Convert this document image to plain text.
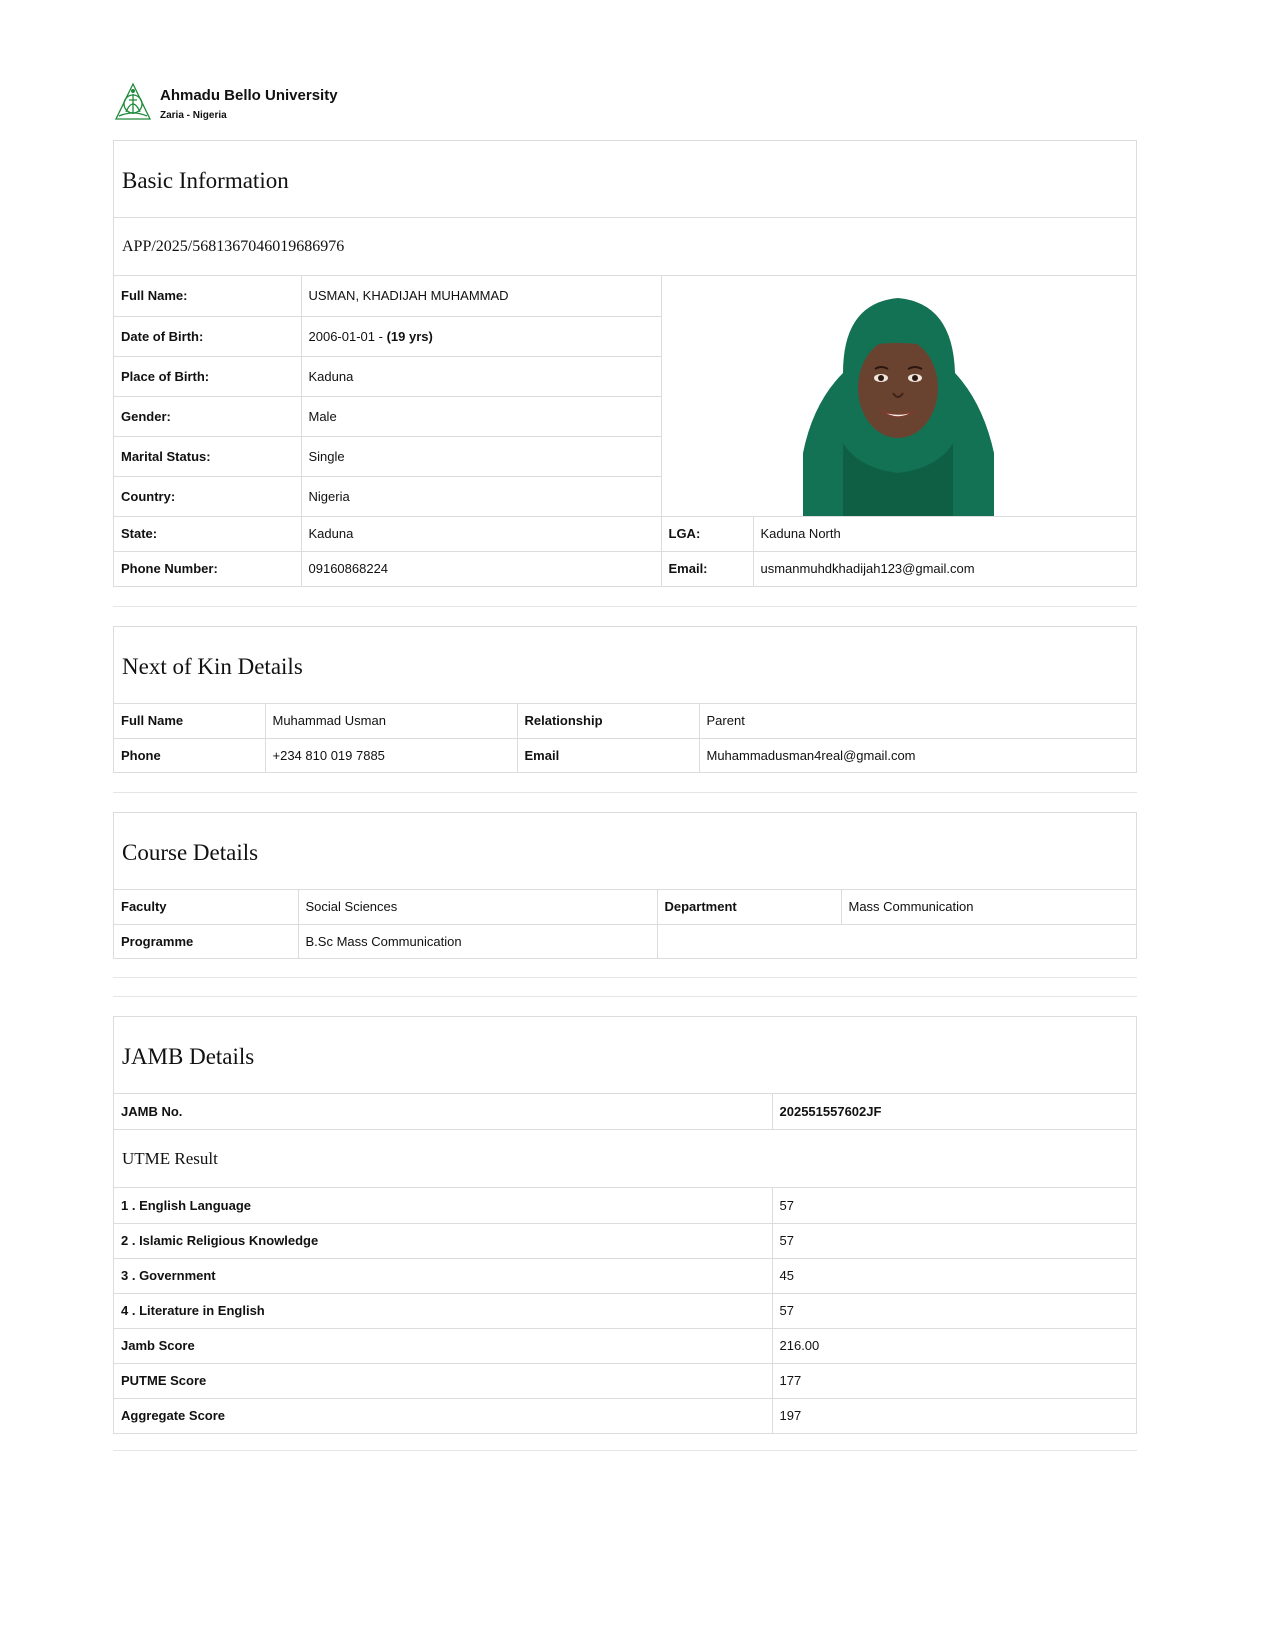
Ahmadu Bello University
Zaria - Nigeria
Basic Information
APP/2025/5681367046019686976
Full Name:	USMAN, KHADIJAH MUHAMMAD	

Date of Birth:	2006-01-01 - (19 yrs)		
Place of Birth:	Kaduna		
Gender:	Male		
Marital Status:	Single		
Country:	Nigeria		
State:	Kaduna	LGA:	Kaduna North
Phone Number:	09160868224	Email:	usmanmuhdkhadijah123@gmail.com
Next of Kin Details
Full Name	Muhammad Usman	Relationship	Parent
Phone	+234 810 019 7885	Email	Muhammadusman4real@gmail.com
Course Details
Faculty	Social Sciences	Department	Mass Communication
Programme	B.Sc Mass Communication		
JAMB Details
JAMB No.	202551557602JF
UTME Result
1 . English Language	57
2 . Islamic Religious Knowledge	57
3 . Government	45
4 . Literature in English	57
Jamb Score	216.00
PUTME Score	177
Aggregate Score	197
